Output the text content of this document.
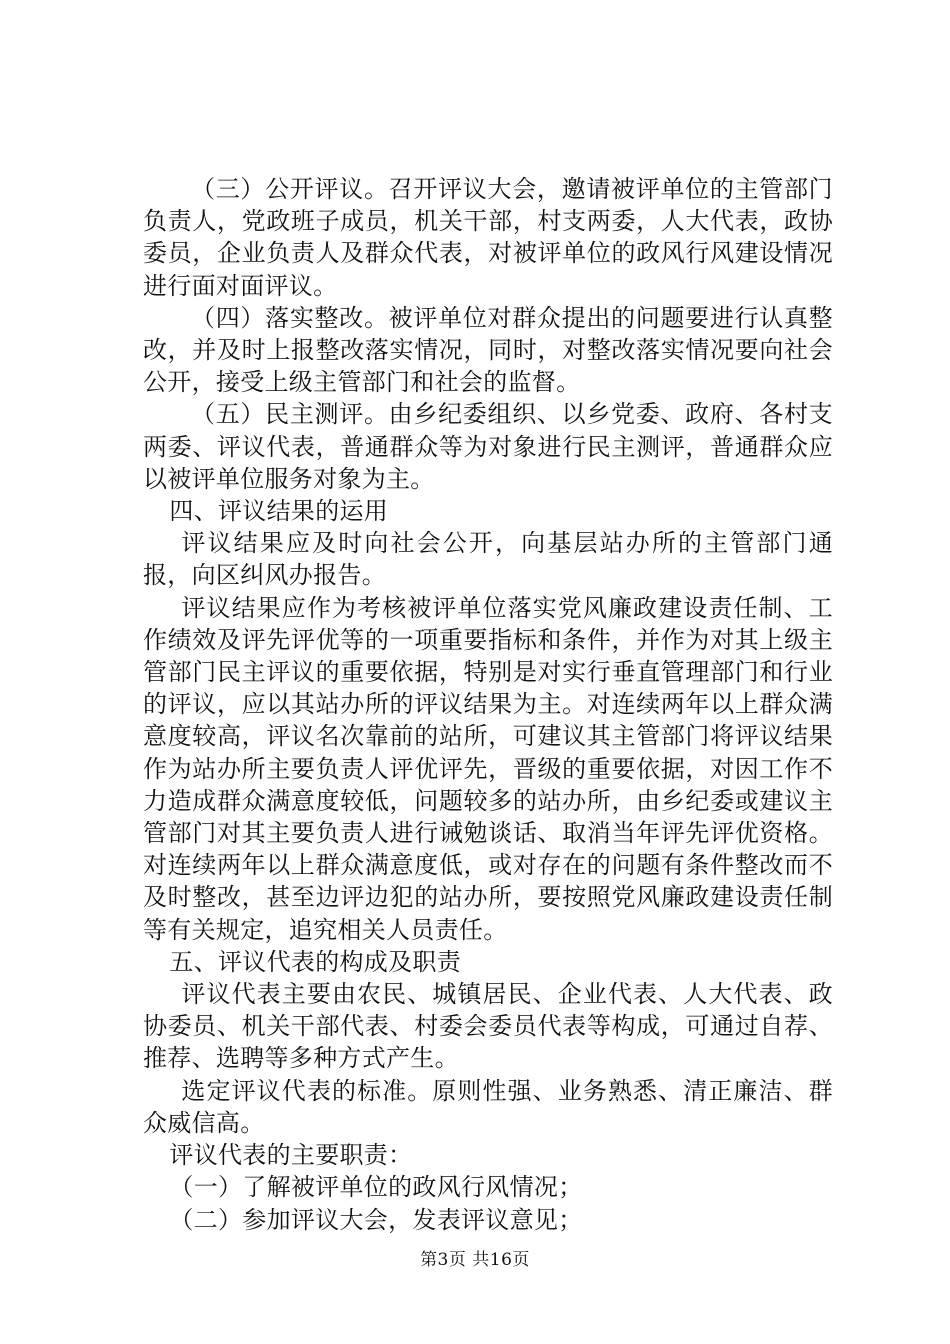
（三）公开评议。召开评议大会，邀请被评单位的主管部门负责人，党政班子成员，机关干部，村支两委，人大代表，政协委员，企业负责人及群众代表，对被评单位的政风行风建设情况进行面对面评议。

（四）落实整改。被评单位对群众提出的问题要进行认真整改，并及时上报整改落实情况，同时，对整改落实情况要向社会公开，接受上级主管部门和社会的监督。

（五）民主测评。由乡纪委组织、以乡党委、政府、各村支两委、评议代表，普通群众等为对象进行民主测评，普通群众应以被评单位服务对象为主。

四、评议结果的运用

评议结果应及时向社会公开，向基层站办所的主管部门通报，向区纠风办报告。

评议结果应作为考核被评单位落实党风廉政建设责任制、工作绩效及评先评优等的一项重要指标和条件，并作为对其上级主管部门民主评议的重要依据，特别是对实行垂直管理部门和行业的评议，应以其站办所的评议结果为主。对连续两年以上群众满意度较高，评议名次靠前的站所，可建议其主管部门将评议结果作为站办所主要负责人评优评先，晋级的重要依据，对因工作不力造成群众满意度较低，问题较多的站办所，由乡纪委或建议主管部门对其主要负责人进行诫勉谈话、取消当年评先评优资格。对连续两年以上群众满意度低，或对存在的问题有条件整改而不及时整改，甚至边评边犯的站办所，要按照党风廉政建设责任制等有关规定，追究相关人员责任。

五、评议代表的构成及职责

评议代表主要由农民、城镇居民、企业代表、人大代表、政协委员、机关干部代表、村委会委员代表等构成，可通过自荐、推荐、选聘等多种方式产生。

选定评议代表的标准。原则性强、业务熟悉、清正廉洁、群众威信高。

评议代表的主要职责：

（一）了解被评单位的政风行风情况；

（二）参加评议大会，发表评议意见；

第3页 共16页
